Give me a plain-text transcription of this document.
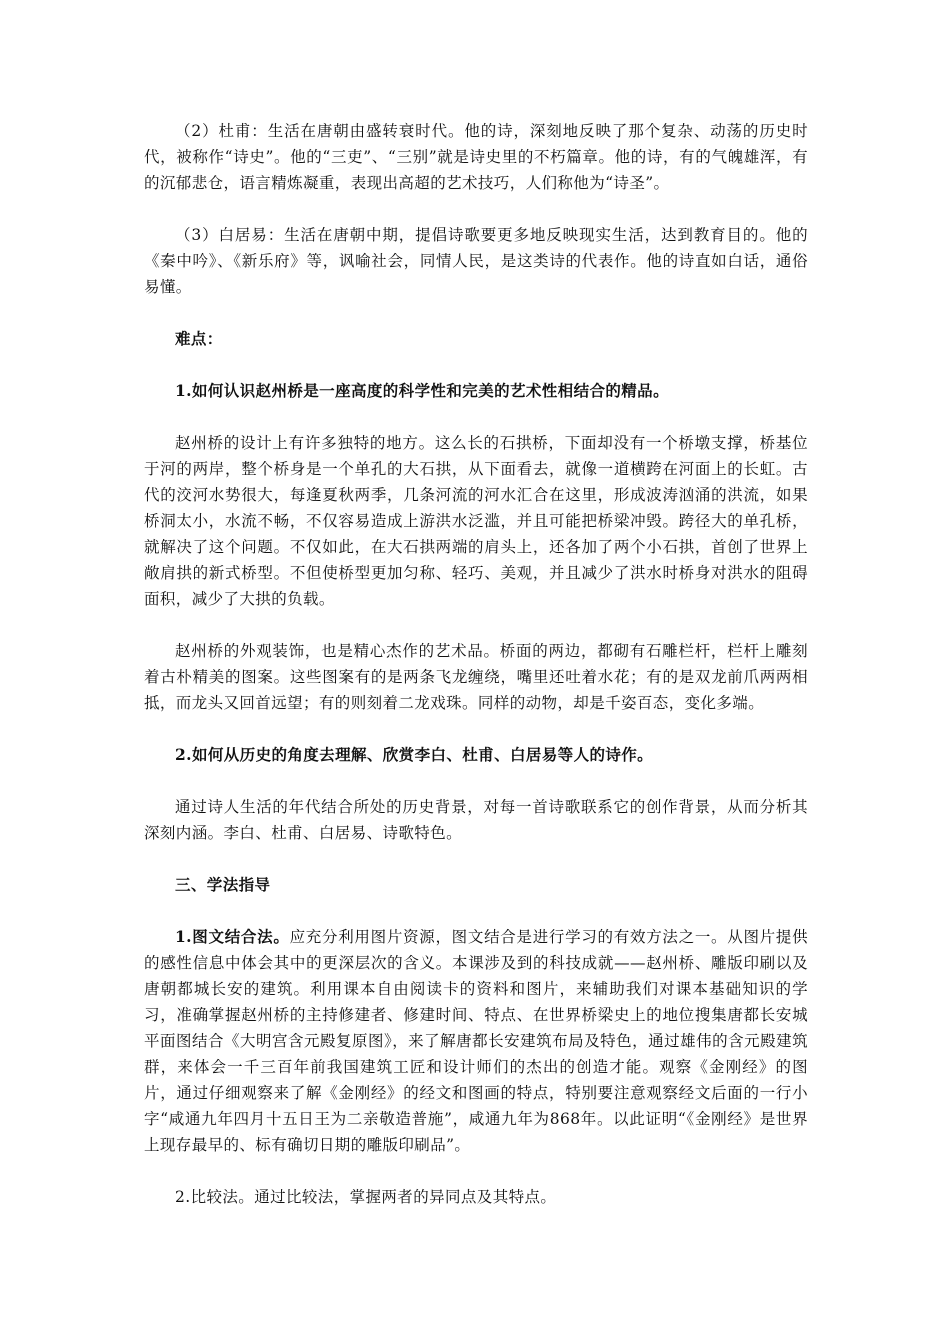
（2）杜甫：生活在唐朝由盛转衰时代。他的诗，深刻地反映了那个复杂、动荡的历史时代，被称作“诗史”。他的“三吏”、“三别”就是诗史里的不朽篇章。他的诗，有的气魄雄浑，有的沉郁悲仓，语言精炼凝重，表现出高超的艺术技巧，人们称他为“诗圣”。

（3）白居易：生活在唐朝中期，提倡诗歌要更多地反映现实生活，达到教育目的。他的《秦中吟》、《新乐府》等，讽喻社会，同情人民，是这类诗的代表作。他的诗直如白话，通俗易懂。

难点：

1.如何认识赵州桥是一座高度的科学性和完美的艺术性相结合的精品。

赵州桥的设计上有许多独特的地方。这么长的石拱桥，下面却没有一个桥墩支撑，桥基位于河的两岸，整个桥身是一个单孔的大石拱，从下面看去，就像一道横跨在河面上的长虹。古代的洨河水势很大，每逢夏秋两季，几条河流的河水汇合在这里，形成波涛汹涌的洪流，如果桥洞太小，水流不畅，不仅容易造成上游洪水泛滥，并且可能把桥梁冲毁。跨径大的单孔桥，就解决了这个问题。不仅如此，在大石拱两端的肩头上，还各加了两个小石拱，首创了世界上敞肩拱的新式桥型。不但使桥型更加匀称、轻巧、美观，并且减少了洪水时桥身对洪水的阻碍面积，减少了大拱的负载。

赵州桥的外观装饰，也是精心杰作的艺术品。桥面的两边，都砌有石雕栏杆，栏杆上雕刻着古朴精美的图案。这些图案有的是两条飞龙缠绕，嘴里还吐着水花；有的是双龙前爪两两相抵，而龙头又回首远望；有的则刻着二龙戏珠。同样的动物，却是千姿百态，变化多端。

2.如何从历史的角度去理解、欣赏李白、杜甫、白居易等人的诗作。

通过诗人生活的年代结合所处的历史背景，对每一首诗歌联系它的创作背景，从而分析其深刻内涵。李白、杜甫、白居易、诗歌特色。

三、学法指导

1.图文结合法。应充分利用图片资源，图文结合是进行学习的有效方法之一。从图片提供的感性信息中体会其中的更深层次的含义。本课涉及到的科技成就——赵州桥、雕版印刷以及唐朝都城长安的建筑。利用课本自由阅读卡的资料和图片，来辅助我们对课本基础知识的学习，准确掌握赵州桥的主持修建者、修建时间、特点、在世界桥梁史上的地位搜集唐都长安城平面图结合《大明宫含元殿复原图》，来了解唐都长安建筑布局及特色，通过雄伟的含元殿建筑群，来体会一千三百年前我国建筑工匠和设计师们的杰出的创造才能。观察《金刚经》的图片，通过仔细观察来了解《金刚经》的经文和图画的特点，特别要注意观察经文后面的一行小字“咸通九年四月十五日王为二亲敬造普施”，咸通九年为868年。以此证明“《金刚经》是世界上现存最早的、标有确切日期的雕版印刷品”。

2.比较法。通过比较法，掌握两者的异同点及其特点。
